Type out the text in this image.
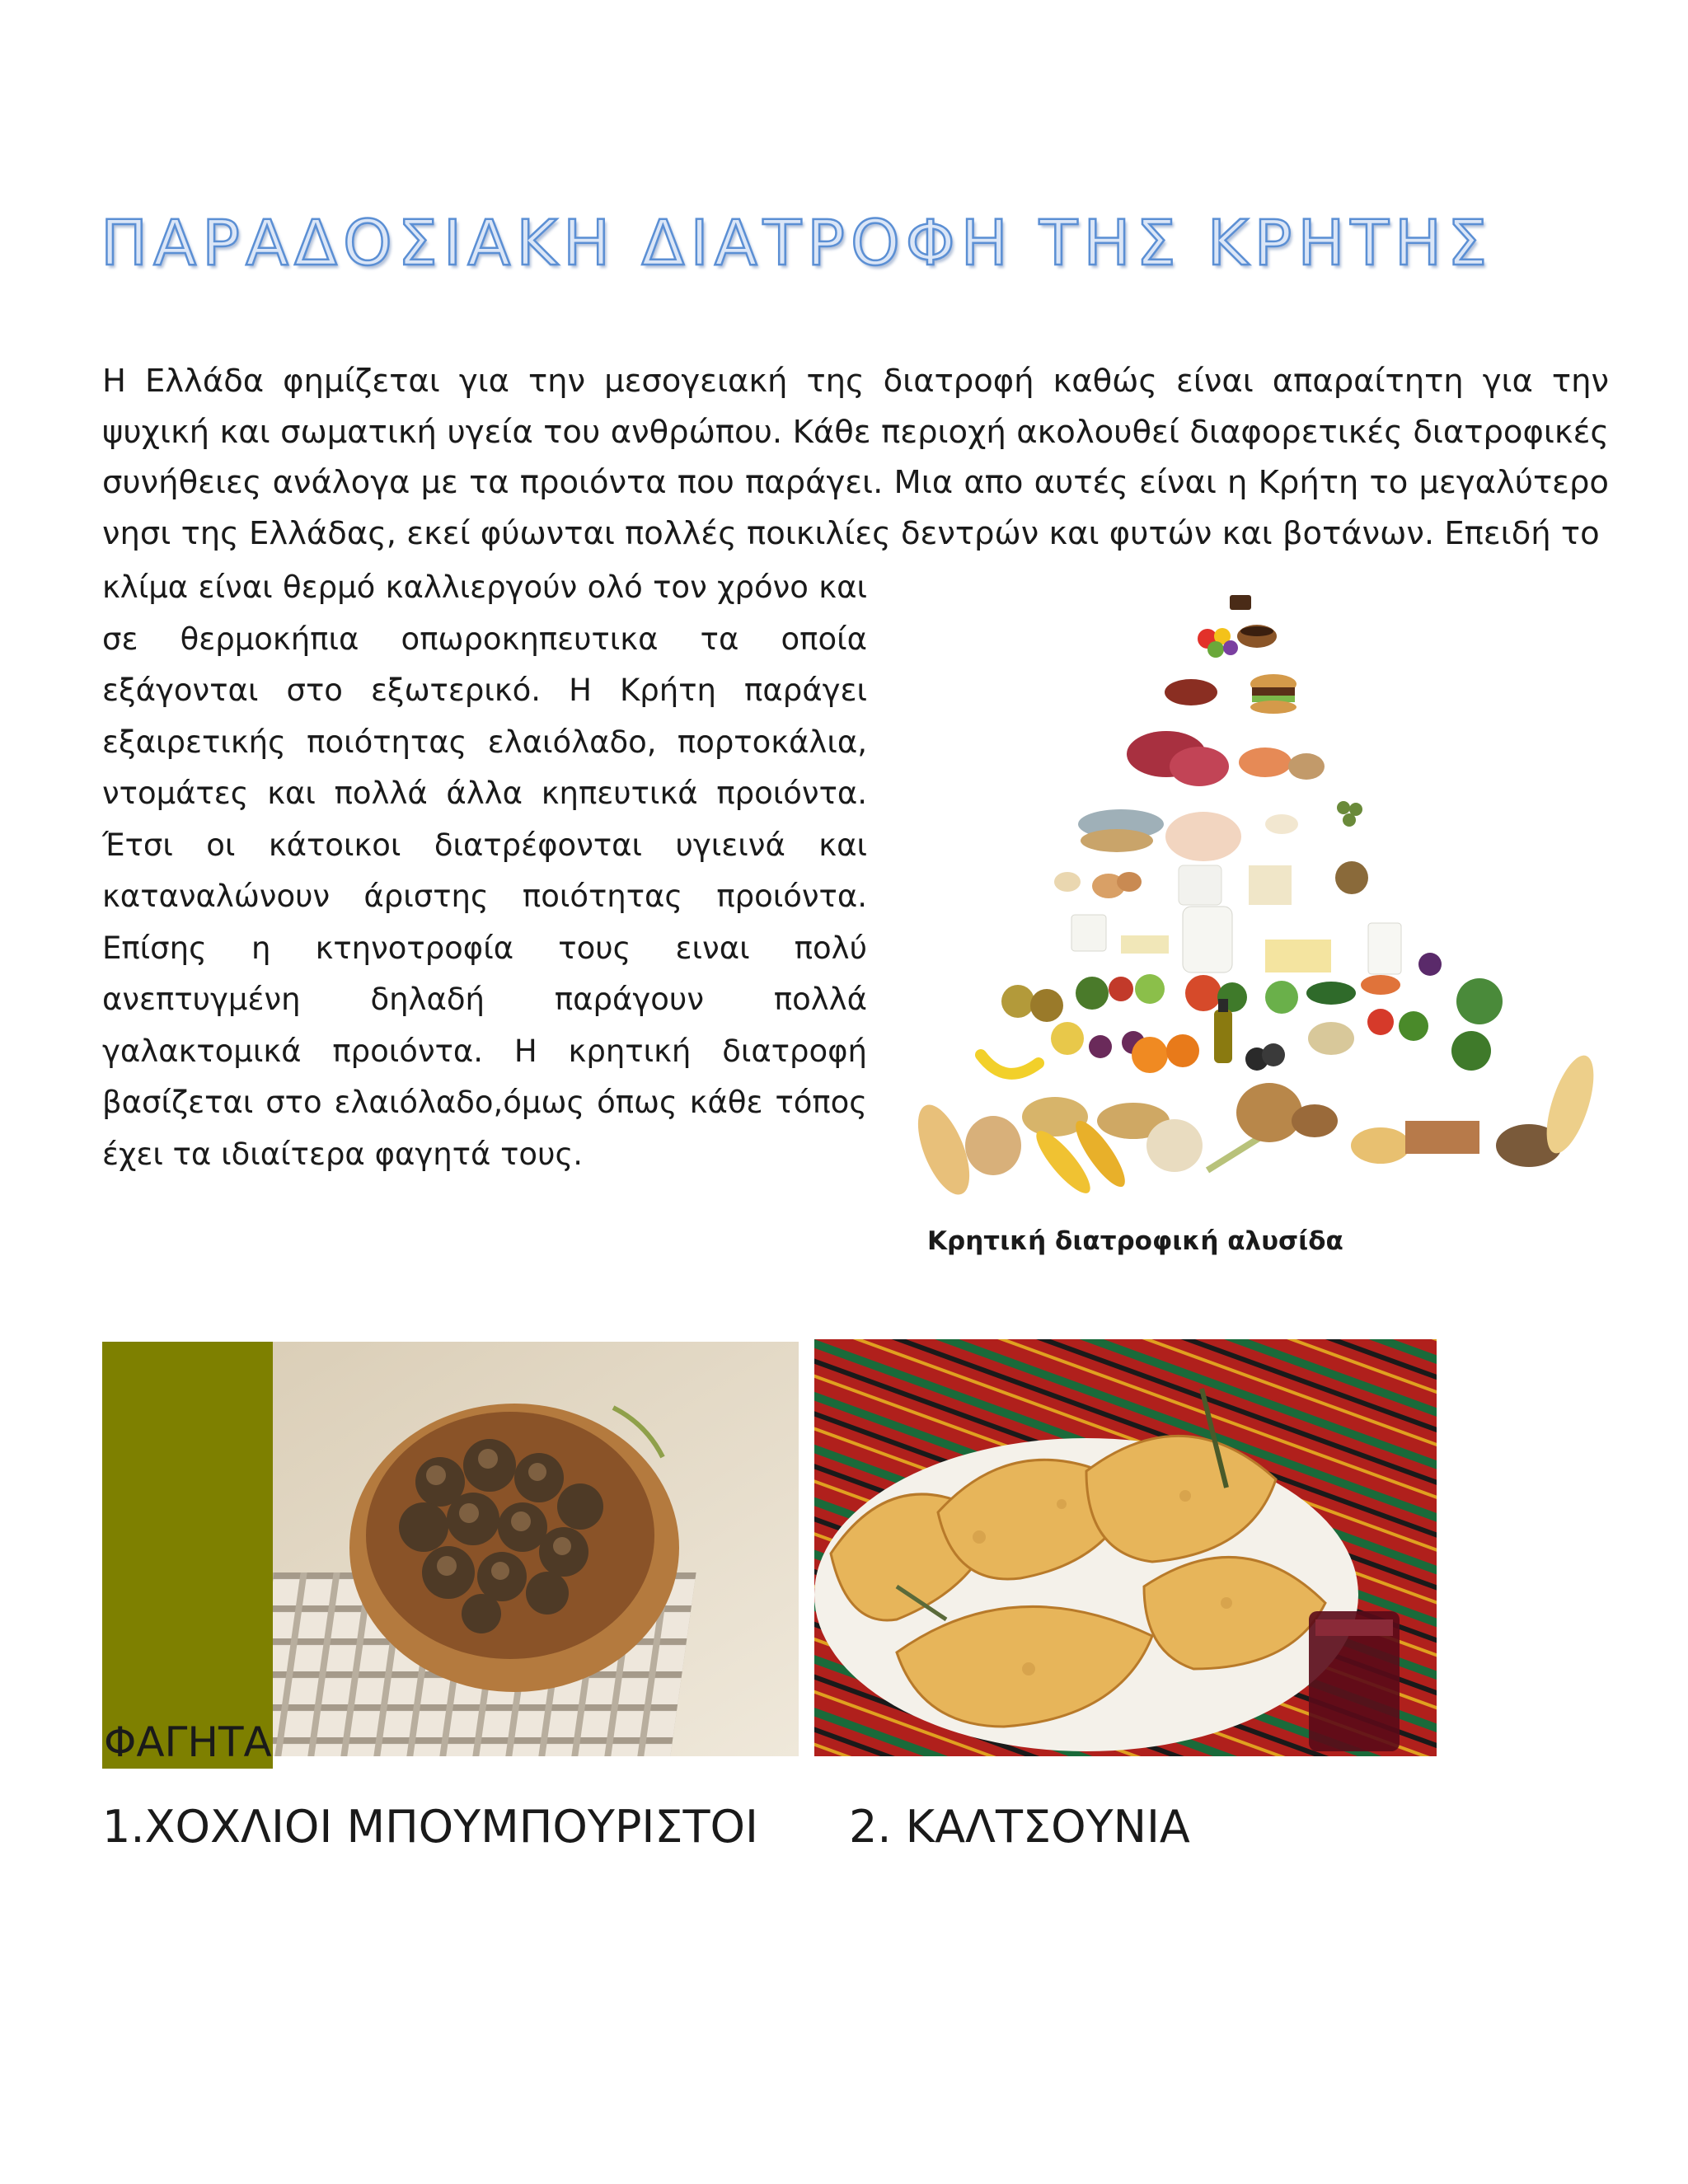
ΠΑΡΑΔΟΣΙΑΚΗ ΔΙΑΤΡΟΦΗ ΤΗΣ ΚΡΗΤΗΣ

Η Ελλάδα φημίζεται για την μεσογειακή της διατροφή καθώς είναι απαραίτητη για την ψυχική και σωματική υγεία του ανθρώπου. Κάθε περιοχή ακολουθεί διαφορετικές διατροφικές συνήθειες ανάλογα με τα προιόντα που παράγει. Μια απο αυτές είναι η Κρήτη το μεγαλύτερο νησι της Ελλάδας, εκεί φύωνται πολλές ποικιλίες δεντρών και φυτών και βοτάνων. Επειδή το

κλίμα είναι θερμό καλλιεργούν ολό τον χρόνο και σε θερμοκήπια οπωροκηπευτικα τα οποία εξάγονται στο εξωτερικό. Η Κρήτη παράγει εξαιρετικής ποιότητας ελαιόλαδο, πορτοκάλια, ντομάτες και πολλά άλλα κηπευτικά προιόντα. Έτσι οι κάτοικοι διατρέφονται υγιεινά και καταναλώνουν άριστης ποιότητας προιόντα. Επίσης η κτηνοτροφία τους ειναι πολύ ανεπτυγμένη δηλαδή παράγουν πολλά γαλακτομικά προιόντα. Η κρητική διατροφή βασίζεται στο ελαιόλαδο,όμως όπως κάθε τόπος έχει τα ιδιαίτερα φαγητά τους.

Κρητική διατροφική αλυσίδα

ΦΑΓΗΤΑ

1.ΧΟΧΛΙΟΙ ΜΠΟΥΜΠΟΥΡΙΣΤΟΙ 2. ΚΑΛΤΣΟΥΝΙΑ
